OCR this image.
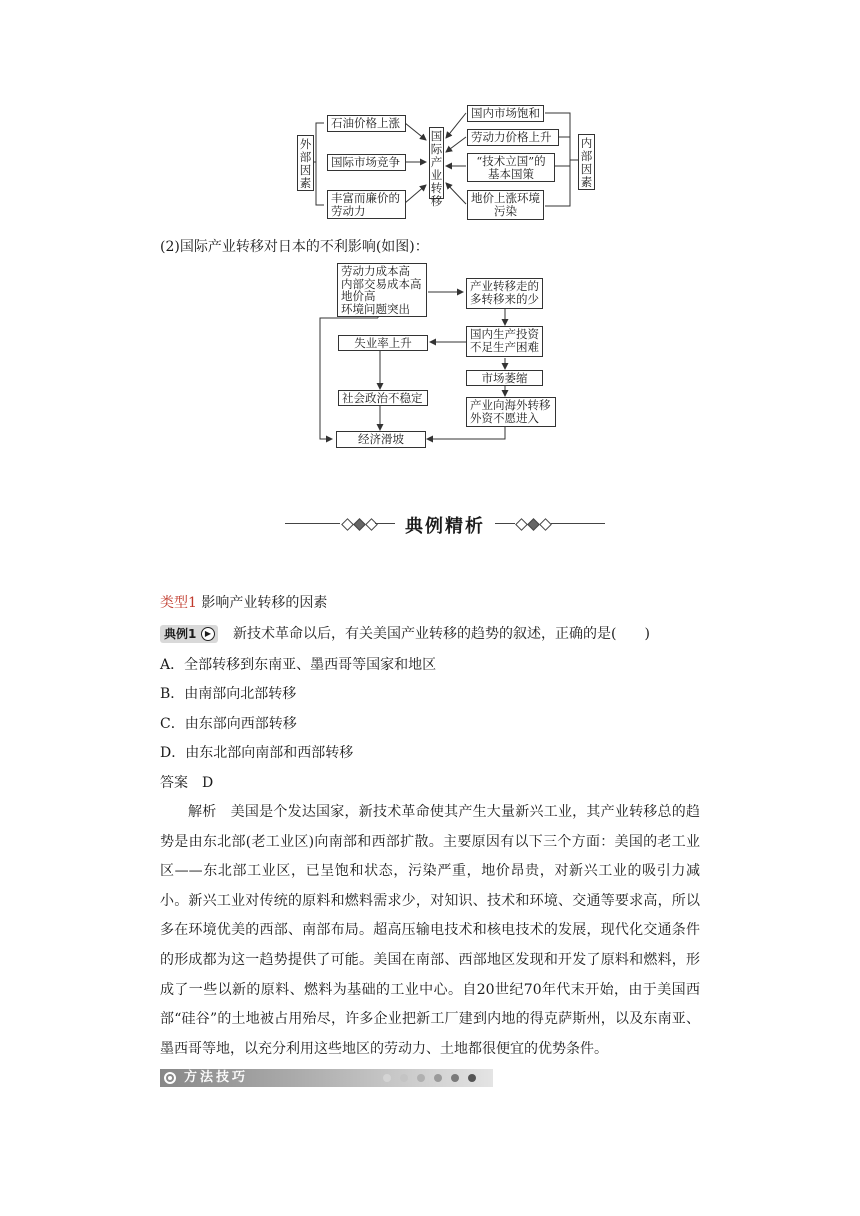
外部因素
石油价格上涨
国际市场竞争
丰富而廉价的劳动力
国际产业转移
国内市场饱和
劳动力价格上升
“技术立国”的基本国策
地价上涨环境污染
内部因素
(2)国际产业转移对日本的不利影响(如图)：
劳动力成本高
内部交易成本高
地价高
环境问题突出
产业转移走的
多转移来的少
国内生产投资
不足生产困难
失业率上升
市场萎缩
社会政治不稳定	产业向海外转移
外资不愿进入
经济滑坡
典例精析
类型1 影响产业转移的因素
典例1	▶ 新技术革命以后，有关美国产业转移的趋势的叙述，正确的是(　　)
A．全部转移到东南亚、墨西哥等国家和地区
B．由南部向北部转移
C．由东部向西部转移
D．由东北部向南部和西部转移
答案　D
解析　美国是个发达国家，新技术革命使其产生大量新兴工业，其产业转移总的趋势是由东北部(老工业区)向南部和西部扩散。主要原因有以下三个方面：美国的老工业区——东北部工业区，已呈饱和状态，污染严重，地价昂贵，对新兴工业的吸引力减小。新兴工业对传统的原料和燃料需求少，对知识、技术和环境、交通等要求高，所以多在环境优美的西部、南部布局。超高压输电技术和核电技术的发展，现代化交通条件的形成都为这一趋势提供了可能。美国在南部、西部地区发现和开发了原料和燃料，形成了一些以新的原料、燃料为基础的工业中心。自20世纪70年代末开始，由于美国西部“硅谷”的土地被占用殆尽，许多企业把新工厂建到内地的得克萨斯州，以及东南亚、墨西哥等地，以充分利用这些地区的劳动力、土地都很便宜的优势条件。
方法技巧
